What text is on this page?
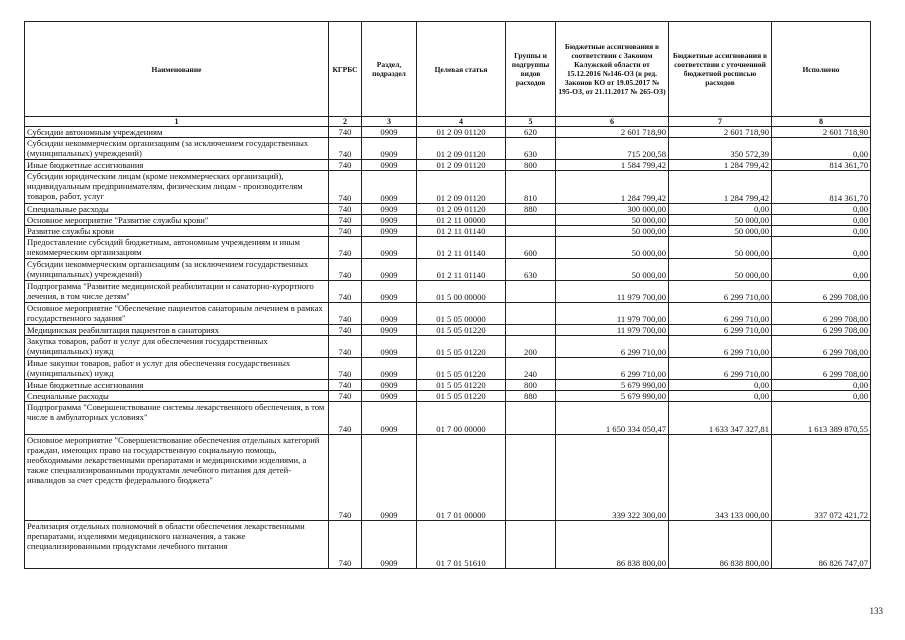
Наименование	КГРБС	Раздел, подраздел	Целевая статья	Группы и подгруппы видов расходов	Бюджетные ассигнования в соответствии с Законом Калужской области от 15.12.2016 №146-ОЗ (в ред. Законов КО от 19.05.2017 № 195-ОЗ, от 21.11.2017 № 265-ОЗ)	Бюджетные ассигнования в соответствии с уточненной бюджетной росписью расходов	Исполнено
1	2	3	4	5	6	7	8
Субсидии автономным учреждениям	740	0909	01 2 09 01120	620	2 601 718,90	2 601 718,90	2 601 718,90
Субсидии некоммерческим организациям (за исключением государственных (муниципальных) учреждений)	740	0909	01 2 09 01120	630	715 200,58	350 572,39	0,00
Иные бюджетные ассигнования	740	0909	01 2 09 01120	800	1 584 799,42	1 284 799,42	814 361,70
Субсидии юридическим лицам (кроме некоммерческих организаций), индивидуальным предпринимателям, физическим лицам - производителям товаров, работ, услуг	740	0909	01 2 09 01120	810	1 284 799,42	1 284 799,42	814 361,70
Специальные расходы	740	0909	01 2 09 01120	880	300 000,00	0,00	0,00
Основное мероприятие "Развитие службы крови"	740	0909	01 2 11 00000		50 000,00	50 000,00	0,00
Развитие службы крови	740	0909	01 2 11 01140		50 000,00	50 000,00	0,00
Предоставление субсидий бюджетным, автономным учреждениям и иным некоммерческим организациям	740	0909	01 2 11 01140	600	50 000,00	50 000,00	0,00
Субсидии некоммерческим организациям (за исключением государственных (муниципальных) учреждений)	740	0909	01 2 11 01140	630	50 000,00	50 000,00	0,00
Подпрограмма "Развитие медицинской реабилитации и санаторно-курортного лечения, в том числе детям"	740	0909	01 5 00 00000		11 979 700,00	6 299 710,00	6 299 708,00
Основное мероприятие "Обеспечение пациентов санаторным лечением в рамках государственного задания"	740	0909	01 5 05 00000		11 979 700,00	6 299 710,00	6 299 708,00
Медицинская реабилитация пациентов в санаториях	740	0909	01 5 05 01220		11 979 700,00	6 299 710,00	6 299 708,00
Закупка товаров, работ и услуг для обеспечения государственных (муниципальных) нужд	740	0909	01 5 05 01220	200	6 299 710,00	6 299 710,00	6 299 708,00
Иные закупки товаров, работ и услуг для обеспечения государственных (муниципальных) нужд	740	0909	01 5 05 01220	240	6 299 710,00	6 299 710,00	6 299 708,00
Иные бюджетные ассигнования	740	0909	01 5 05 01220	800	5 679 990,00	0,00	0,00
Специальные расходы	740	0909	01 5 05 01220	880	5 679 990,00	0,00	0,00
Подпрограмма "Совершенствование системы лекарственного обеспечения, в том числе в амбулаторных условиях"	740	0909	01 7 00 00000		1 650 334 050,47	1 633 347 327,81	1 613 389 870,55
Основное мероприятие "Совершенствование обеспечения отдельных категорий граждан, имеющих право на государственную социальную помощь, необходимыми лекарственными препаратами и медицинскими изделиями, а также специализированными продуктами лечебного питания для детей-инвалидов за счет средств федерального бюджета"	740	0909	01 7 01 00000		339 322 300,00	343 133 000,00	337 072 421,72
Реализация отдельных полномочий в области обеспечения лекарственными препаратами, изделиями медицинского назначения, а также специализированными продуктами лечебного питания	740	0909	01 7 01 51610		86 838 800,00	86 838 800,00	86 826 747,07
133
